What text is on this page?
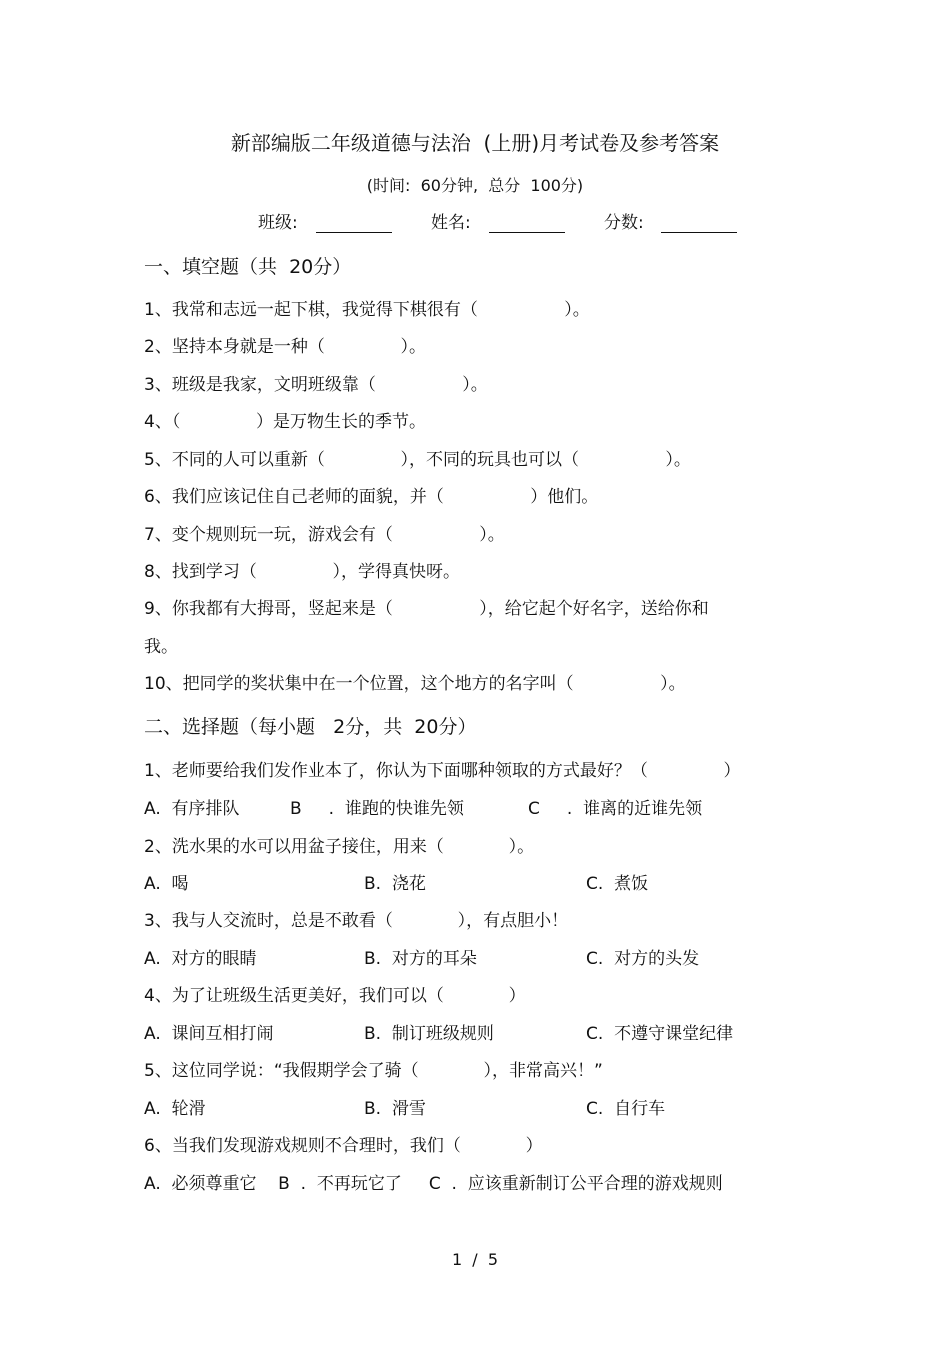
新部编版二年级道德与法治  (上册)月考试卷及参考答案
(时间:  60分钟,  总分  100分)
班级:	姓名:	分数:
一、填空题（共  20分）
1、我常和志远一起下棋，我觉得下棋很有（                ）。
2、坚持本身就是一种（              ）。
3、班级是我家，文明班级靠（                ）。
4、（              ）是万物生长的季节。
5、不同的人可以重新（              ），不同的玩具也可以（                ）。
6、我们应该记住自己老师的面貌，并（                ）他们。
7、变个规则玩一玩，游戏会有（                ）。
8、找到学习（              ），学得真快呀。
9、你我都有大拇哥，竖起来是（                ），给它起个好名字，送给你和
我。
10、把同学的奖状集中在一个位置，这个地方的名字叫（                ）。
二、选择题（每小题   2分，共  20分）
1、老师要给我们发作业本了，你认为下面哪种领取的方式最好？（              ）
A.  有序排队	B     .  谁跑的快谁先领	C     .  谁离的近谁先领
2、洗水果的水可以用盆子接住，用来（            ）。
A.  喝	B.  浇花	C.  煮饭
3、我与人交流时，总是不敢看（            ），有点胆小！
A.  对方的眼睛	B.  对方的耳朵	C.  对方的头发
4、为了让班级生活更美好，我们可以（            ）
A.  课间互相打闹	B.  制订班级规则	C.  不遵守课堂纪律
5、这位同学说：“我假期学会了骑（            ），非常高兴！”
A.  轮滑	B.  滑雪	C.  自行车
6、当我们发现游戏规则不合理时，我们（            ）
A.  必须尊重它    B  .  不再玩它了     C  .  应该重新制订公平合理的游戏规则
1  /  5
